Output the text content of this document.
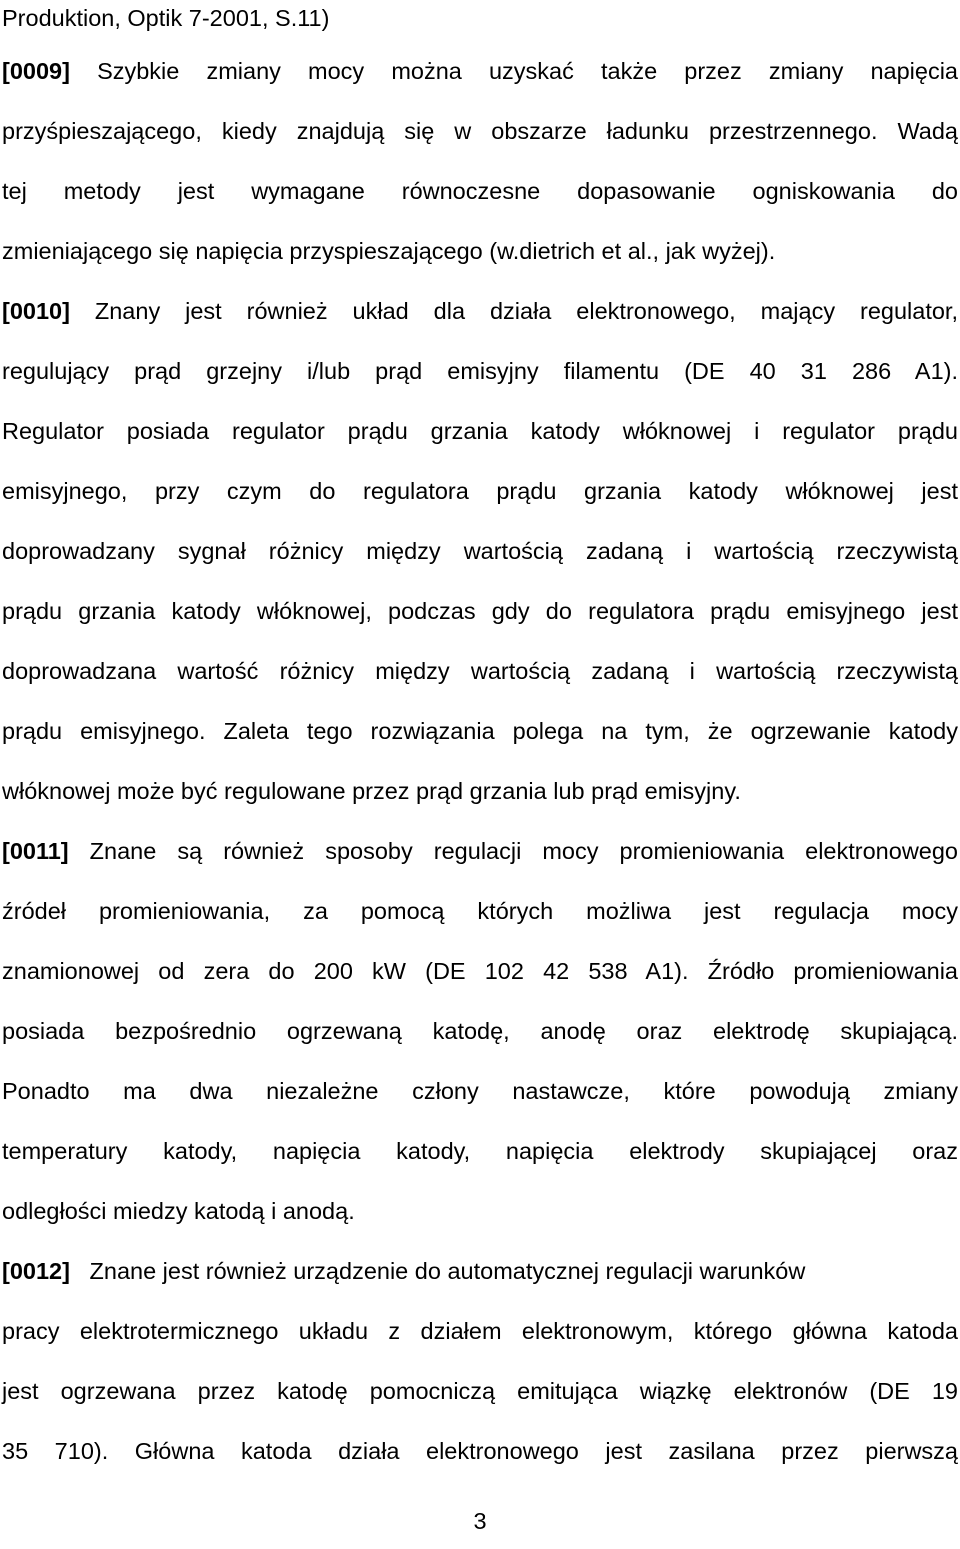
Produktion, Optik 7-2001, S.11)
[0009] Szybkie zmiany mocy można uzyskać także przez zmiany napięcia
przyśpieszającego, kiedy znajdują się w obszarze ładunku przestrzennego. Wadą
tej metody jest wymagane równoczesne dopasowanie ogniskowania do
zmieniającego się napięcia przyspieszającego (w.dietrich et al., jak wyżej).
[0010] Znany jest również układ dla działa elektronowego, mający regulator,
regulujący prąd grzejny i/lub prąd emisyjny filamentu (DE 40 31 286 A1).
Regulator posiada regulator prądu grzania katody włóknowej i regulator prądu
emisyjnego, przy czym do regulatora prądu grzania katody włóknowej jest
doprowadzany sygnał różnicy między wartością zadaną i wartością rzeczywistą
prądu grzania katody włóknowej, podczas gdy do regulatora prądu emisyjnego jest
doprowadzana wartość różnicy między wartością zadaną i wartością rzeczywistą
prądu emisyjnego. Zaleta tego rozwiązania polega na tym, że ogrzewanie katody
włóknowej może być regulowane przez prąd grzania lub prąd emisyjny.
[0011] Znane są również sposoby regulacji mocy promieniowania elektronowego
źródeł promieniowania, za pomocą których możliwa jest regulacja mocy
znamionowej od zera do 200 kW (DE 102 42 538 A1). Źródło promieniowania
posiada bezpośrednio ogrzewaną katodę, anodę oraz elektrodę skupiającą.
Ponadto ma dwa niezależne człony nastawcze, które powodują zmiany
temperatury katody, napięcia katody, napięcia elektrody skupiającej oraz
odległości miedzy katodą i anodą.
[0012]   Znane jest również urządzenie do automatycznej regulacji warunków
pracy elektrotermicznego układu z działem elektronowym, którego główna katoda
jest ogrzewana przez katodę pomocniczą emitująca wiązkę elektronów (DE 19
35 710). Główna katoda działa elektronowego jest zasilana przez pierwszą
3
